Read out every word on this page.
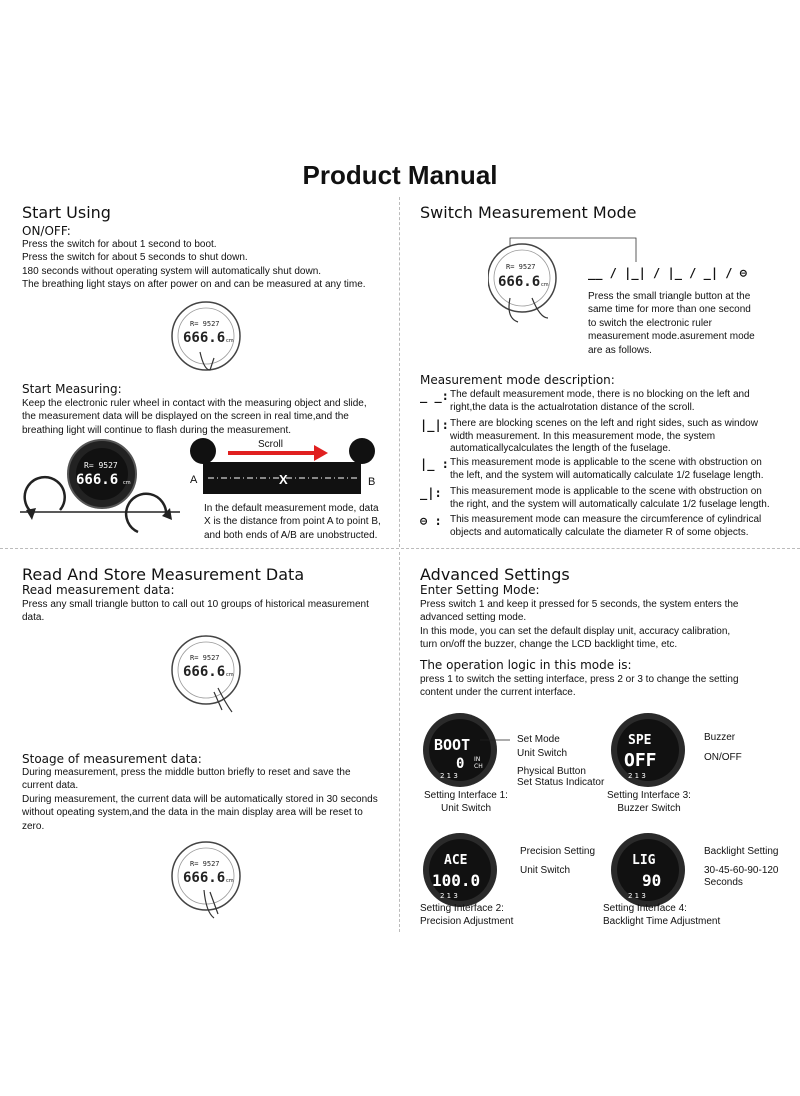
Product Manual
Start Using
ON/OFF:
Press the switch for about 1 second to boot.
Press the switch for about 5 seconds to shut down.
180 seconds without operating system will automatically shut down.
The breathing light stays on after power on and can be measured at any time.
R= 9527
666.6 cm
Start Measuring:
Keep the electronic ruler wheel in contact with the measuring object and slide,
the measurement data will be displayed on the screen in real time,and the
breathing light will continue to flash during the measurement.
R= 9527
666.6 cm
Scroll
A	B
X
In the default measurement mode, data
X is the distance from point A to point B,
and both ends of A/B are unobstructed.
Switch Measurement Mode
R= 9527
666.6 cm
__ / |_| / |_ / _| / ⊖
Press the small triangle button at the
same time for more than one second
to switch the electronic ruler
measurement mode.asurement mode
are as follows.
Measurement mode description:
_ _: The default measurement mode, there is no blocking on the left and
right,the data is the actualrotation distance of the scroll.
|_|: There are blocking scenes on the left and right sides, such as window
width measurement. In this measurement mode, the system
automaticallycalculates the length of the fuselage.
|_ : This measurement mode is applicable to the scene with obstruction on
the left, and the system will automatically calculate 1/2 fuselage length.
_|: This measurement mode is applicable to the scene with obstruction on
the right, and the system will automatically calculate 1/2 fuselage length.
⊖ : This measurement mode can measure the circumference of cylindrical
objects and automatically calculate the diameter R of some objects.
Read And Store Measurement Data
Read measurement data:
Press any small triangle button to call out 10 groups of historical measurement
data.
R= 9527
666.6 cm
Stoage of measurement data:
During measurement, press the middle button briefly to reset and save the
current data.
During measurement, the current data will be automatically stored in 30 seconds
without opeating system,and the data in the main display area will be reset to
zero.
R= 9527
666.6 cm
Advanced Settings
Enter Setting Mode:
Press switch 1 and keep it pressed for 5 seconds, the system enters the
advanced setting mode.
In this mode, you can set the default display unit, accuracy calibration,
turn on/off the buzzer, change the LCD backlight time, etc.
The operation logic in this mode is:
press 1 to switch the setting interface, press 2 or 3 to change the setting
content under the current interface.
BOOT
0 IN
CH
2 1 3
Set Mode
Unit Switch
Physical Button
Set Status Indicator
Setting Interface 1:
Unit Switch
SPE
OFF
2 1 3
Buzzer
ON/OFF
Setting Interface 3:
Buzzer Switch
ACE
100.0
2 1 3
Precision Setting
Unit Switch
Setting Interface 2:
Precision Adjustment
LIG
90
2 1 3
Backlight Setting
30-45-60-90-120
Seconds
Setting Interface 4:
Backlight Time Adjustment
